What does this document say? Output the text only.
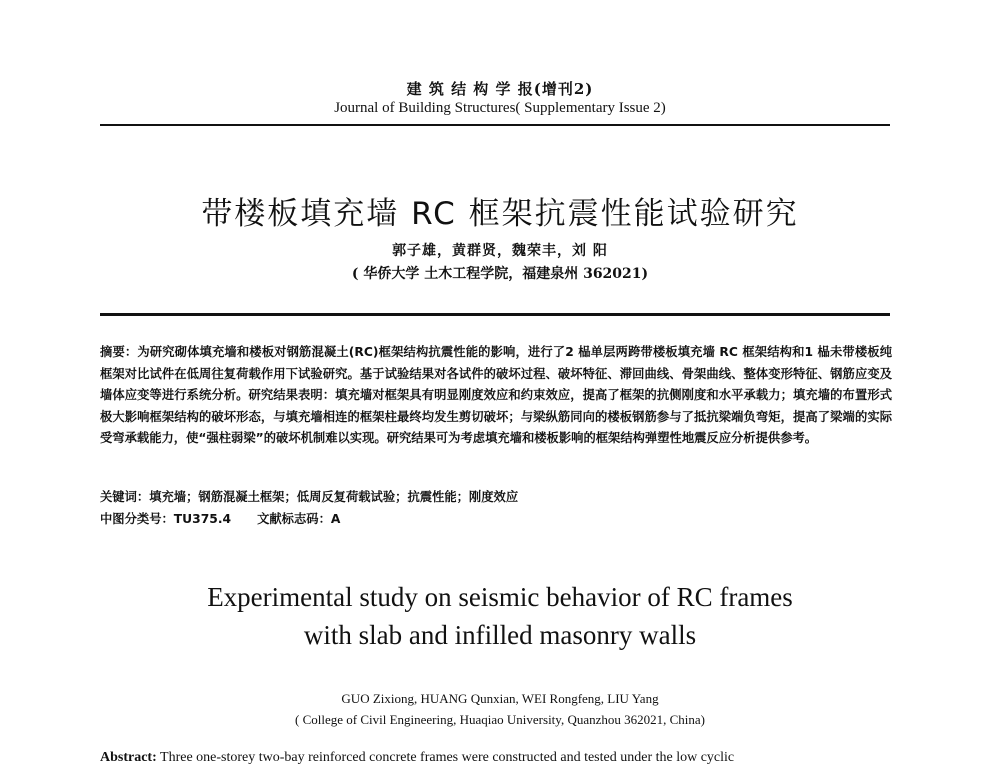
建 筑 结 构 学 报(增刊2)
Journal of Building Structures( Supplementary Issue 2)
带楼板填充墙 RC 框架抗震性能试验研究
郭子雄，黄群贤，魏荣丰，刘 阳
( 华侨大学 土木工程学院，福建泉州 362021)
摘要：为研究砌体填充墙和楼板对钢筋混凝土(RC)框架结构抗震性能的影响，进行了2 榀单层两跨带楼板填充墙 RC 框架结构和1 榀未带楼板纯框架对比试件在低周往复荷载作用下试验研究。基于试验结果对各试件的破坏过程、破坏特征、滞回曲线、骨架曲线、整体变形特征、钢筋应变及墙体应变等进行系统分析。研究结果表明：填充墙对框架具有明显刚度效应和约束效应，提高了框架的抗侧刚度和水平承载力；填充墙的布置形式极大影响框架结构的破坏形态，与填充墙相连的框架柱最终均发生剪切破坏；与梁纵筋同向的楼板钢筋参与了抵抗梁端负弯矩，提高了梁端的实际受弯承载能力，使“强柱弱梁”的破坏机制难以实现。研究结果可为考虑填充墙和楼板影响的框架结构弹塑性地震反应分析提供参考。
关键词：填充墙；钢筋混凝土框架；低周反复荷载试验；抗震性能；刚度效应
中图分类号：TU375.4 文献标志码：A
Experimental study on seismic behavior of RC frames
with slab and infilled masonry walls
GUO Zixiong, HUANG Qunxian, WEI Rongfeng, LIU Yang
( College of Civil Engineering, Huaqiao University, Quanzhou 362021, China)
Abstract: Three one-storey two-bay reinforced concrete frames were constructed and tested under the low cyclic
